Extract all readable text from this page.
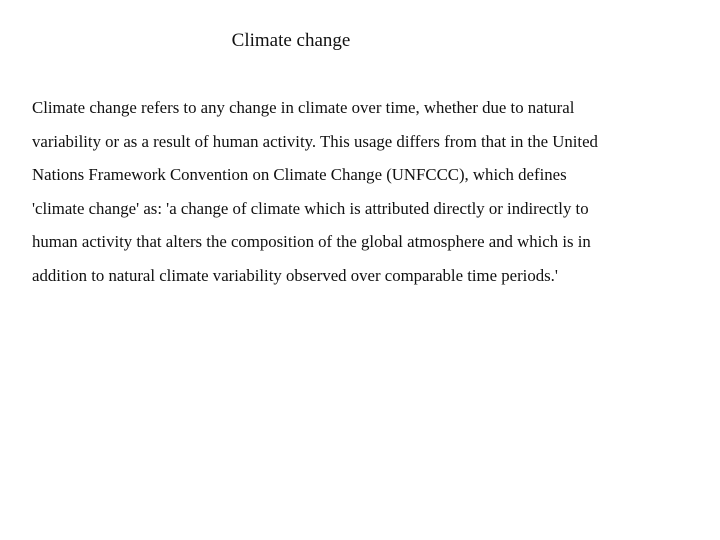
Climate change

Climate change refers to any change in climate over time, whether due to natural
variability or as a result of human activity. This usage differs from that in the United
Nations Framework Convention on Climate Change (UNFCCC), which defines
'climate change' as: 'a change of climate which is attributed directly or indirectly to
human activity that alters the composition of the global atmosphere and which is in
addition to natural climate variability observed over comparable time periods.'
